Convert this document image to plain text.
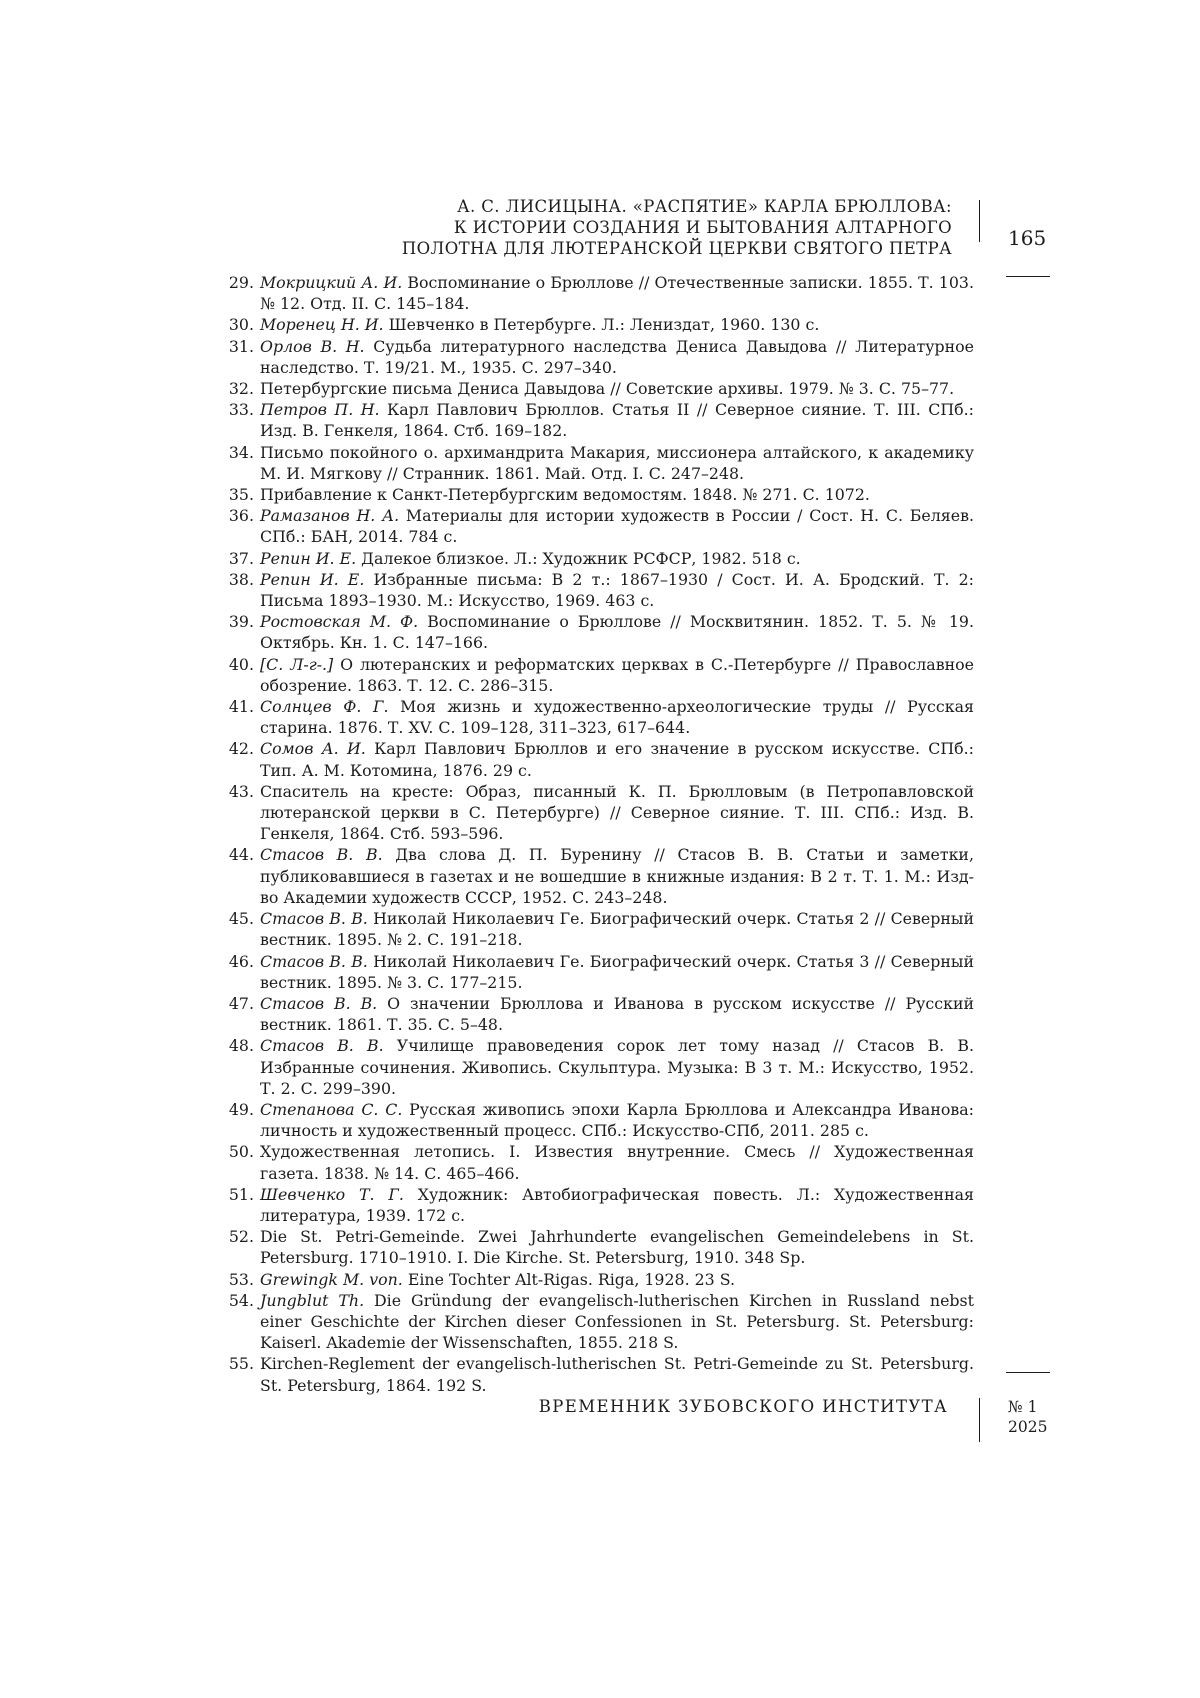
А. С. ЛИСИЦЫНА. «РАСПЯТИЕ» КАРЛА БРЮЛЛОВА:
К ИСТОРИИ СОЗДАНИЯ И БЫТОВАНИЯ АЛТАРНОГО
ПОЛОТНА ДЛЯ ЛЮТЕРАНСКОЙ ЦЕРКВИ СВЯТОГО ПЕТРА	165
29. Мокрицкий А. И. Воспоминание о Брюллове // Отечественные записки. 1855. Т. 103. № 12. Отд. II. С. 145–184.
30. Моренец Н. И. Шевченко в Петербурге. Л.: Лениздат, 1960. 130 с.
31. Орлов В. Н. Судьба литературного наследства Дениса Давыдова // Литературное наследство. Т. 19/21. М., 1935. С. 297–340.
32. Петербургские письма Дениса Давыдова // Советские архивы. 1979. № 3. С. 75–77.
33. Петров П. Н. Карл Павлович Брюллов. Статья II // Северное сияние. Т. III. СПб.: Изд. В. Генкеля, 1864. Стб. 169–182.
34. Письмо покойного о. архимандрита Макария, миссионера алтайского, к академику М. И. Мягкову // Странник. 1861. Май. Отд. I. С. 247–248.
35. Прибавление к Санкт-Петербургским ведомостям. 1848. № 271. С. 1072.
36. Рамазанов Н. А. Материалы для истории художеств в России / Сост. Н. С. Беляев. СПб.: БАН, 2014. 784 с.
37. Репин И. Е. Далекое близкое. Л.: Художник РСФСР, 1982. 518 с.
38. Репин И. Е. Избранные письма: В 2 т.: 1867–1930 / Сост. И. А. Бродский. Т. 2: Письма 1893–1930. М.: Искусство, 1969. 463 с.
39. Ростовская М. Ф. Воспоминание о Брюллове // Москвитянин. 1852. Т. 5. № 19. Октябрь. Кн. 1. С. 147–166.
40. [С. Л-г-.] О лютеранских и реформатских церквах в С.-Петербурге // Православное обозрение. 1863. Т. 12. С. 286–315.
41. Солнцев Ф. Г. Моя жизнь и художественно-археологические труды // Русская старина. 1876. Т. XV. С. 109–128, 311–323, 617–644.
42. Сомов А. И. Карл Павлович Брюллов и его значение в русском искусстве. СПб.: Тип. А. М. Котомина, 1876. 29 с.
43. Спаситель на кресте: Образ, писанный К. П. Брюлловым (в Петропавловской лютеранской церкви в С. Петербурге) // Северное сияние. Т. III. СПб.: Изд. В. Генкеля, 1864. Стб. 593–596.
44. Стасов В. В. Два слова Д. П. Буренину // Стасов В. В. Статьи и заметки, публиковавшиеся в газетах и не вошедшие в книжные издания: В 2 т. Т. 1. М.: Изд-во Академии художеств СССР, 1952. С. 243–248.
45. Стасов В. В. Николай Николаевич Ге. Биографический очерк. Статья 2 // Северный вестник. 1895. № 2. С. 191–218.
46. Стасов В. В. Николай Николаевич Ге. Биографический очерк. Статья 3 // Северный вестник. 1895. № 3. С. 177–215.
47. Стасов В. В. О значении Брюллова и Иванова в русском искусстве // Русский вестник. 1861. Т. 35. С. 5–48.
48. Стасов В. В. Училище правоведения сорок лет тому назад // Стасов В. В. Избранные сочинения. Живопись. Скульптура. Музыка: В 3 т. М.: Искусство, 1952. Т. 2. С. 299–390.
49. Степанова С. С. Русская живопись эпохи Карла Брюллова и Александра Иванова: личность и художественный процесс. СПб.: Искусство-СПб, 2011. 285 с.
50. Художественная летопись. I. Известия внутренние. Смесь // Художественная газета. 1838. № 14. С. 465–466.
51. Шевченко Т. Г. Художник: Автобиографическая повесть. Л.: Художественная литература, 1939. 172 с.
52. Die St. Petri-Gemeinde. Zwei Jahrhunderte evangelischen Gemeindelebens in St. Petersburg. 1710–1910. I. Die Kirche. St. Petersburg, 1910. 348 Sp.
53. Grewingk M. von. Eine Tochter Alt-Rigas. Riga, 1928. 23 S.
54. Jungblut Th. Die Gründung der evangelisch-lutherischen Kirchen in Russland nebst einer Geschichte der Kirchen dieser Confessionen in St. Petersburg. St. Petersburg: Kaiserl. Akademie der Wissenschaften, 1855. 218 S.
55. Kirchen-Reglement der evangelisch-lutherischen St. Petri-Gemeinde zu St. Petersburg. St. Petersburg, 1864. 192 S.
ВРЕМЕННИК ЗУБОВСКОГО ИНСТИТУТА	№ 1
2025
